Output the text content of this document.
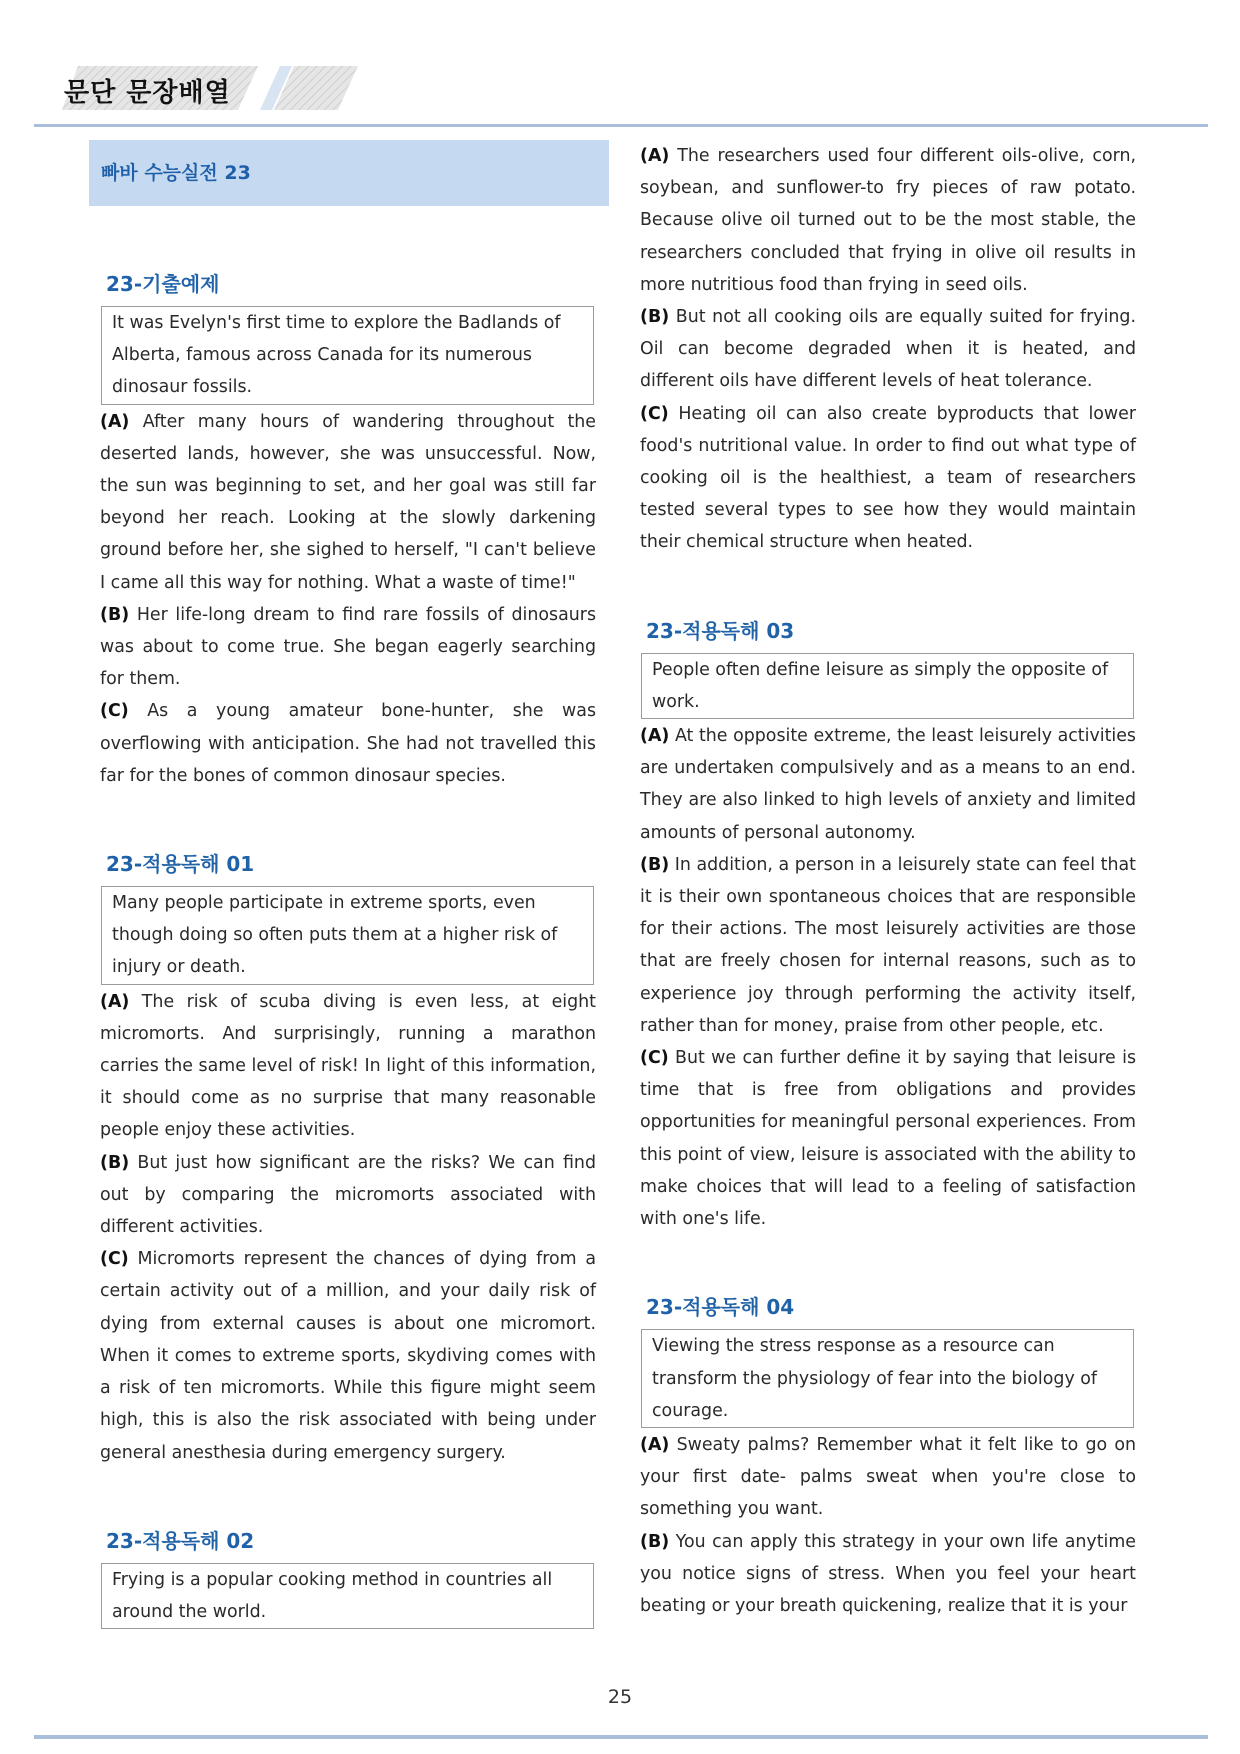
문단 문장배열
빠바 수능실전 23
23-기출예제
It was Evelyn's first time to explore the Badlands of Alberta, famous across Canada for its numerous dinosaur fossils.

(A) After many hours of wandering throughout the deserted lands, however, she was unsuccessful. Now, the sun was beginning to set, and her goal was still far beyond her reach. Looking at the slowly darkening ground before her, she sighed to herself, "I can't believe I came all this way for nothing. What a waste of time!"

(B) Her life-long dream to find rare fossils of dinosaurs was about to come true. She began eagerly searching for them.

(C) As a young amateur bone-hunter, she was overflowing with anticipation. She had not travelled this far for the bones of common dinosaur species.

23-적용독해 01
Many people participate in extreme sports, even though doing so often puts them at a higher risk of injury or death.

(A) The risk of scuba diving is even less, at eight micromorts. And surprisingly, running a marathon carries the same level of risk! In light of this information, it should come as no surprise that many reasonable people enjoy these activities.

(B) But just how significant are the risks? We can find out by comparing the micromorts associated with different activities.

(C) Micromorts represent the chances of dying from a certain activity out of a million, and your daily risk of dying from external causes is about one micromort. When it comes to extreme sports, skydiving comes with a risk of ten micromorts. While this figure might seem high, this is also the risk associated with being under general anesthesia during emergency surgery.

23-적용독해 02
Frying is a popular cooking method in countries all around the world.

(A) The researchers used four different oils-olive, corn, soybean, and sunflower-to fry pieces of raw potato. Because olive oil turned out to be the most stable, the researchers concluded that frying in olive oil results in more nutritious food than frying in seed oils.

(B) But not all cooking oils are equally suited for frying. Oil can become degraded when it is heated, and different oils have different levels of heat tolerance.

(C) Heating oil can also create byproducts that lower food's nutritional value. In order to find out what type of cooking oil is the healthiest, a team of researchers tested several types to see how they would maintain their chemical structure when heated.

23-적용독해 03
People often define leisure as simply the opposite of work.

(A) At the opposite extreme, the least leisurely activities are undertaken compulsively and as a means to an end. They are also linked to high levels of anxiety and limited amounts of personal autonomy.

(B) In addition, a person in a leisurely state can feel that it is their own spontaneous choices that are responsible for their actions. The most leisurely activities are those that are freely chosen for internal reasons, such as to experience joy through performing the activity itself, rather than for money, praise from other people, etc.

(C) But we can further define it by saying that leisure is time that is free from obligations and provides opportunities for meaningful personal experiences. From this point of view, leisure is associated with the ability to make choices that will lead to a feeling of satisfaction with one's life.

23-적용독해 04
Viewing the stress response as a resource can transform the physiology of fear into the biology of courage.

(A) Sweaty palms? Remember what it felt like to go on your first date- palms sweat when you're close to something you want.

(B) You can apply this strategy in your own life anytime you notice signs of stress. When you feel your heart beating or your breath quickening, realize that it is your

25
